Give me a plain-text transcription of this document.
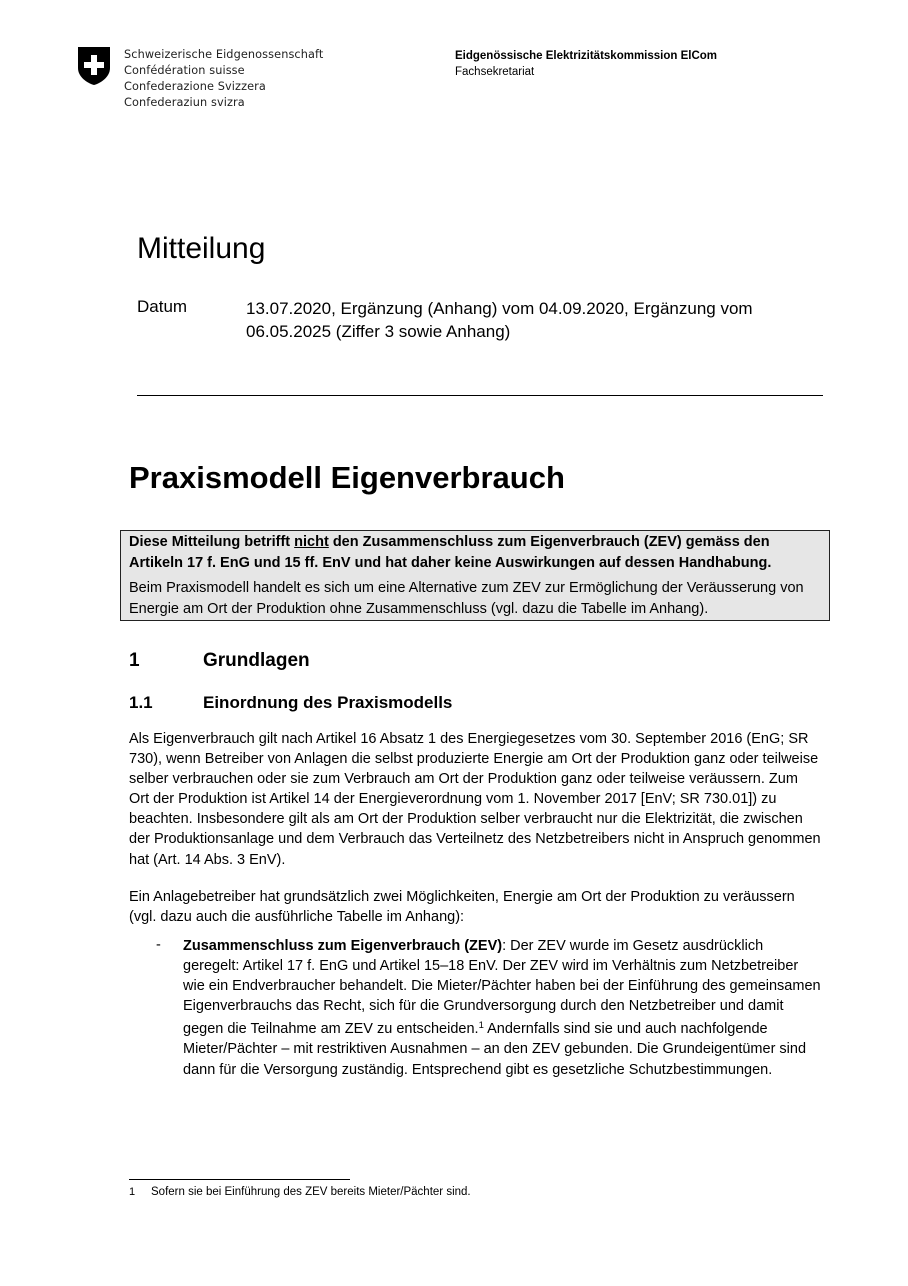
Schweizerische Eidgenossenschaft
Confédération suisse
Confederazione Svizzera
Confederaziun svizra
Eidgenössische Elektrizitätskommission ElCom
Fachsekretariat
Mitteilung
Datum	13.07.2020, Ergänzung (Anhang) vom 04.09.2020, Ergänzung vom 06.05.2025 (Ziffer 3 sowie Anhang)
Praxismodell Eigenverbrauch
Diese Mitteilung betrifft nicht den Zusammenschluss zum Eigenverbrauch (ZEV) gemäss den Artikeln 17 f. EnG und 15 ff. EnV und hat daher keine Auswirkungen auf dessen Handhabung.
Beim Praxismodell handelt es sich um eine Alternative zum ZEV zur Ermöglichung der Veräusserung von Energie am Ort der Produktion ohne Zusammenschluss (vgl. dazu die Tabelle im Anhang).
1	Grundlagen
1.1	Einordnung des Praxismodells
Als Eigenverbrauch gilt nach Artikel 16 Absatz 1 des Energiegesetzes vom 30. September 2016 (EnG; SR 730), wenn Betreiber von Anlagen die selbst produzierte Energie am Ort der Produktion ganz oder teilweise selber verbrauchen oder sie zum Verbrauch am Ort der Produktion ganz oder teilweise veräussern. Zum Ort der Produktion ist Artikel 14 der Energieverordnung vom 1. November 2017 [EnV; SR 730.01]) zu beachten. Insbesondere gilt als am Ort der Produktion selber verbraucht nur die Elektrizität, die zwischen der Produktionsanlage und dem Verbrauch das Verteilnetz des Netzbetreibers nicht in Anspruch genommen hat (Art. 14 Abs. 3 EnV).
Ein Anlagebetreiber hat grundsätzlich zwei Möglichkeiten, Energie am Ort der Produktion zu veräussern (vgl. dazu auch die ausführliche Tabelle im Anhang):
- Zusammenschluss zum Eigenverbrauch (ZEV): Der ZEV wurde im Gesetz ausdrücklich geregelt: Artikel 17 f. EnG und Artikel 15–18 EnV. Der ZEV wird im Verhältnis zum Netzbetreiber wie ein Endverbraucher behandelt. Die Mieter/Pächter haben bei der Einführung des gemeinsamen Eigenverbrauchs das Recht, sich für die Grundversorgung durch den Netzbetreiber und damit gegen die Teilnahme am ZEV zu entscheiden.$^1$ Andernfalls sind sie und auch nachfolgende Mieter/Pächter – mit restriktiven Ausnahmen – an den ZEV gebunden. Die Grundeigentümer sind dann für die Versorgung zuständig. Entsprechend gibt es gesetzliche Schutzbestimmungen.
1 Sofern sie bei Einführung des ZEV bereits Mieter/Pächter sind.
